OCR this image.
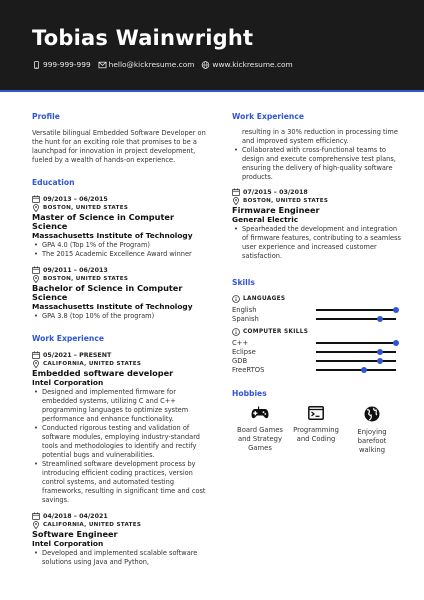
Tobias Wainwright
999-999-999 hello@kickresume.com www.kickresume.com
Profile
Versatile bilingual Embedded Software Developer on the hunt for an exciting role that promises to be a launchpad for innovation in project development, fueled by a wealth of hands-on experience.
Education
09/2013 – 06/2015
BOSTON, UNITED STATES
Master of Science in Computer Science
Massachusetts Institute of Technology
• GPA 4.0 (Top 1% of the Program)
• The 2015 Academic Excellence Award winner
09/2011 – 06/2013
BOSTON, UNITED STATES
Bachelor of Science in Computer Science
Massachusetts Institute of Technology
• GPA 3.8 (top 10% of the program)
Work Experience
05/2021 – PRESENT
CALIFORNIA, UNITED STATES
Embedded software developer
Intel Corporation
• Designed and implemented firmware for embedded systems, utilizing C and C++ programming languages to optimize system performance and enhance functionality.
• Conducted rigorous testing and validation of software modules, employing industry-standard tools and methodologies to identify and rectify potential bugs and vulnerabilities.
• Streamlined software development process by introducing efficient coding practices, version control systems, and automated testing frameworks, resulting in significant time and cost savings.
04/2018 – 04/2021
CALIFORNIA, UNITED STATES
Software Engineer
Intel Corporation
• Developed and implemented scalable software solutions using Java and Python,
Work Experience
resulting in a 30% reduction in processing time and improved system efficiency.
• Collaborated with cross-functional teams to design and execute comprehensive test plans, ensuring the delivery of high-quality software products.
07/2015 – 03/2018
BOSTON, UNITED STATES
Firmware Engineer
General Electric
• Spearheaded the development and integration of firmware features, contributing to a seamless user experience and increased customer satisfaction.
Skills
LANGUAGES
English
Spanish
COMPUTER SKILLS
C++
Eclipse
GDB
FreeRTOS
Hobbies
Board Games and Strategy Games
Programming and Coding
Enjoying barefoot walking
